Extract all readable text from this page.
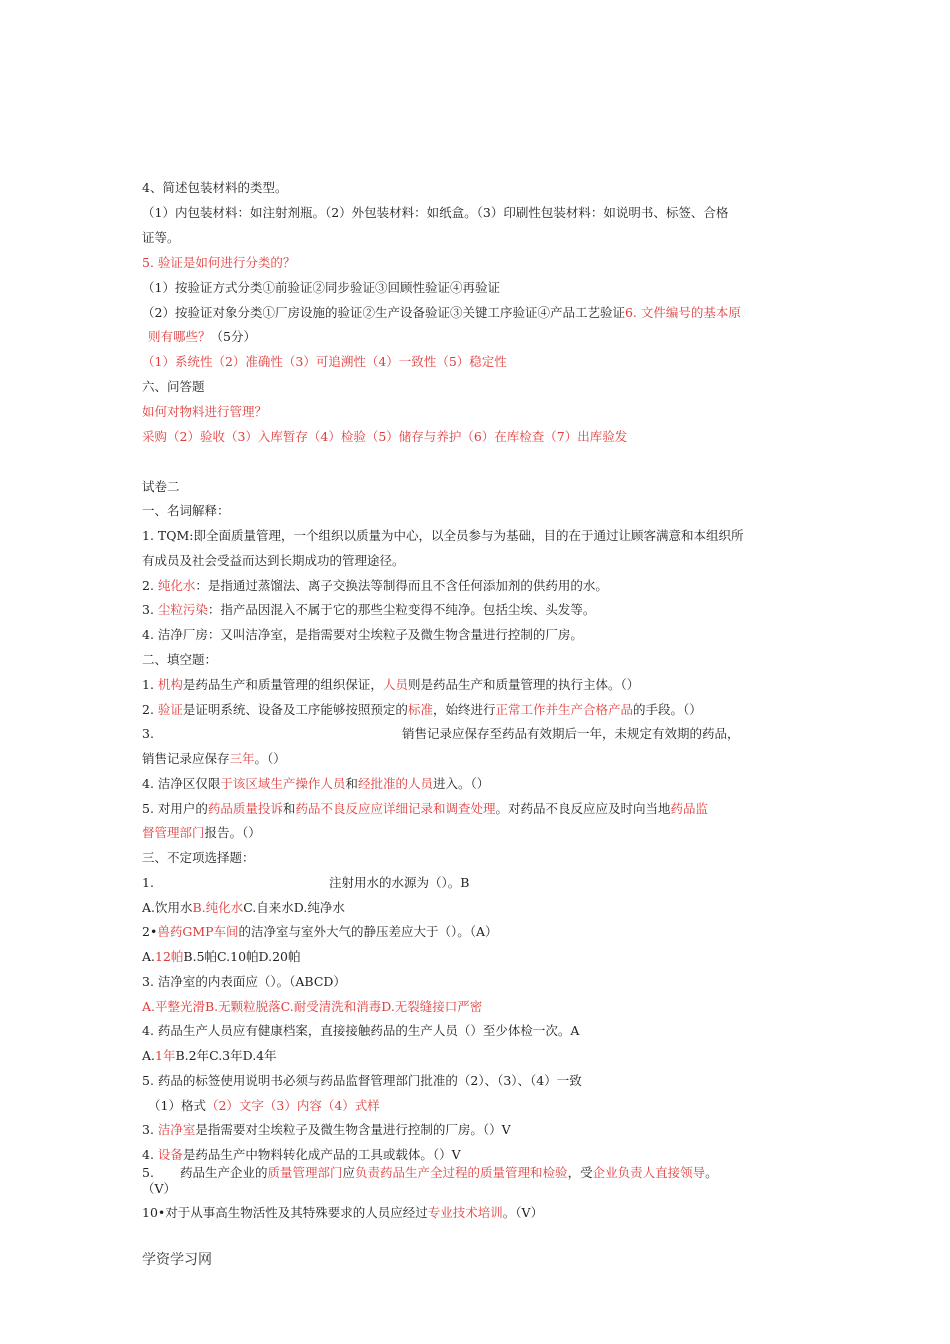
4、简述包装材料的类型。
（1）内包装材料：如注射剂瓶。（2）外包装材料：如纸盒。（3）印刷性包装材料：如说明书、标签、合格
证等。
5. 验证是如何进行分类的？
（1）按验证方式分类①前验证②同步验证③回顾性验证④再验证
（2）按验证对象分类①厂房设施的验证②生产设备验证③关键工序验证④产品工艺验证6. 文件编号的基本原
则有哪些？（5分）
（1）系统性（2）准确性（3）可追溯性（4）一致性（5）稳定性
六、问答题
如何对物料进行管理？
采购（2）验收（3）入库暂存（4）检验（5）储存与养护（6）在库检查（7）出库验发
试卷二
一、名词解释：
1. TQM:即全面质量管理，一个组织以质量为中心，以全员参与为基础，目的在于通过让顾客满意和本组织所
有成员及社会受益而达到长期成功的管理途径。
2. 纯化水：是指通过蒸馏法、离子交换法等制得而且不含任何添加剂的供药用的水。
3. 尘粒污染：指产品因混入不属于它的那些尘粒变得不纯净。包括尘埃、头发等。
4. 洁净厂房：又叫洁净室，是指需要对尘埃粒子及微生物含量进行控制的厂房。
二、填空题：
1. 机构是药品生产和质量管理的组织保证，人员则是药品生产和质量管理的执行主体。（）
2. 验证是证明系统、设备及工序能够按照预定的标准，始终进行正常工作并生产合格产品的手段。（）
3.	销售记录应保存至药品有效期后一年，未规定有效期的药品，
销售记录应保存三年。（）
4. 洁净区仅限于该区域生产操作人员和经批准的人员进入。（）
5. 对用户的药品质量投诉和药品不良反应应详细记录和调查处理。对药品不良反应应及时向当地药品监
督管理部门报告。（）
三、不定项选择题：
1.	注射用水的水源为（）。B
A.饮用水B.纯化水C.自来水D.纯净水
2•兽药GMP车间的洁净室与室外大气的静压差应大于（）。（A）
A.12帕B.5帕C.10帕D.20帕
3. 洁净室的内表面应（）。（ABCD）
A.平整光滑B.无颗粒脱落C.耐受清洗和消毒D.无裂缝接口严密
4. 药品生产人员应有健康档案，直接接触药品的生产人员（）至少体检一次。A
A.1年B.2年C.3年D.4年
5. 药品的标签使用说明书必须与药品监督管理部门批准的（2）、（3）、（4）一致
（1）格式（2）文字（3）内容（4）式样
3. 洁净室是指需要对尘埃粒子及微生物含量进行控制的厂房。（）V
4. 设备是药品生产中物料转化成产品的工具或载体。（）V
5. 药品生产企业的质量管理部门应负责药品生产全过程的质量管理和检验，受企业负责人直接领导。
（V）
10•对于从事高生物活性及其特殊要求的人员应经过专业技术培训。（V）
学资学习网
